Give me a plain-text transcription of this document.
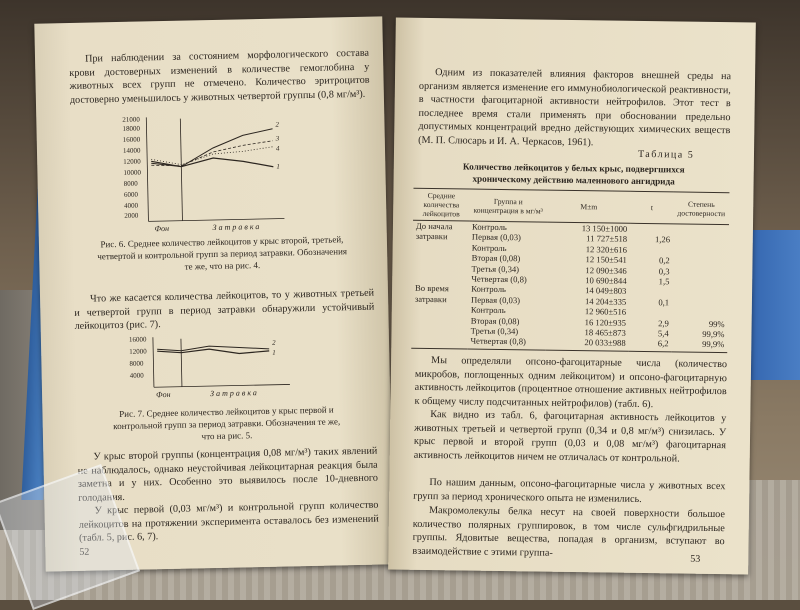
При наблюдении за состоянием морфологического состава крови достоверных изменений в количестве гемоглобина у животных всех групп не отмечено. Количество эритроцитов достоверно уменьшилось у животных четвертой группы (0,8 мг/м³).

21000
18000
16000
14000
12000
10000
8000
6000
4000
2000
2
3
4
1
Фон	Затравка

Рис. 6. Среднее количество лейкоцитов у крыс второй, третьей, четвертой и контрольной групп за период затравки. Обозначения те же, что на рис. 4.

Что же касается количества лейкоцитов, то у животных третьей и четвертой групп в период затравки обнаружили устойчивый лейкоцитоз (рис. 7).

16000
12000
8000
4000
2
1
Фон	Затравка

Рис. 7. Среднее количество лейкоцитов у крыс первой и контрольной групп за период затравки. Обозначения те же, что на рис. 5.

У крыс второй группы (концентрация 0,08 мг/м³) таких явлений не наблюдалось, однако неустойчивая лейкоцитарная реакция была заметна и у них. Особенно это выявилось после 10-дневного голодания.

У крыс первой (0,03 мг/м³) и контрольной групп количество лейкоцитов на протяжении эксперимента оставалось без изменений (табл. 5, рис. 6, 7).

52

Одним из показателей влияния факторов внешней среды на организм является изменение его иммунобиологической реактивности, в частности фагоцитарной активности нейтрофилов. Этот тест в последнее время стали применять при обосновании предельно допустимых концентраций вредно действующих химических веществ (М. П. Слюсарь и И. А. Черкасов, 1961).

Таблица 5

Количество лейкоцитов у белых крыс, подвергшихся хроническому действию малеинового ангидрида

Средние количества лейкоцитов	Группа и концентрация в мг/м³	M±m	t	Степень достоверности
До начала	Контроль	13 150±1000		
затравки	Первая (0,03)	11 727±518	1,26	
	Контроль	12 320±616		
	Вторая (0,08)	12 150±541	0,2	
	Третья (0,34)	12 090±346	0,3	
	Четвертая (0,8)	10 690±844	1,5	
Во время	Контроль	14 049±803		
затравки	Первая (0,03)	14 204±335	0,1	
	Контроль	12 960±516		
	Вторая (0,08)	16 120±935	2,9	99%
	Третья (0,34)	18 465±873	5,4	99,9%
	Четвертая (0,8)	20 033±988	6,2	99,9%

Мы определяли опсоно-фагоцитарные числа (количество микробов, поглощенных одним лейкоцитом) и опсоно-фагоцитарную активность лейкоцитов (процентное отношение активных нейтрофилов к общему числу подсчитанных нейтрофилов) (табл. 6).

Как видно из табл. 6, фагоцитарная активность лейкоцитов у животных третьей и четвертой групп (0,34 и 0,8 мг/м³) снизилась. У крыс первой и второй групп (0,03 и 0,08 мг/м³) фагоцитарная активность лейкоцитов ничем не отличалась от контрольной.

По нашим данным, опсоно-фагоцитарные числа у животных всех групп за период хронического опыта не изменились.

Макромолекулы белка несут на своей поверхности большое количество полярных группировок, в том числе сульфгидрильные группы. Ядовитые вещества, попадая в организм, вступают во взаимодействие с этими группа-

53
